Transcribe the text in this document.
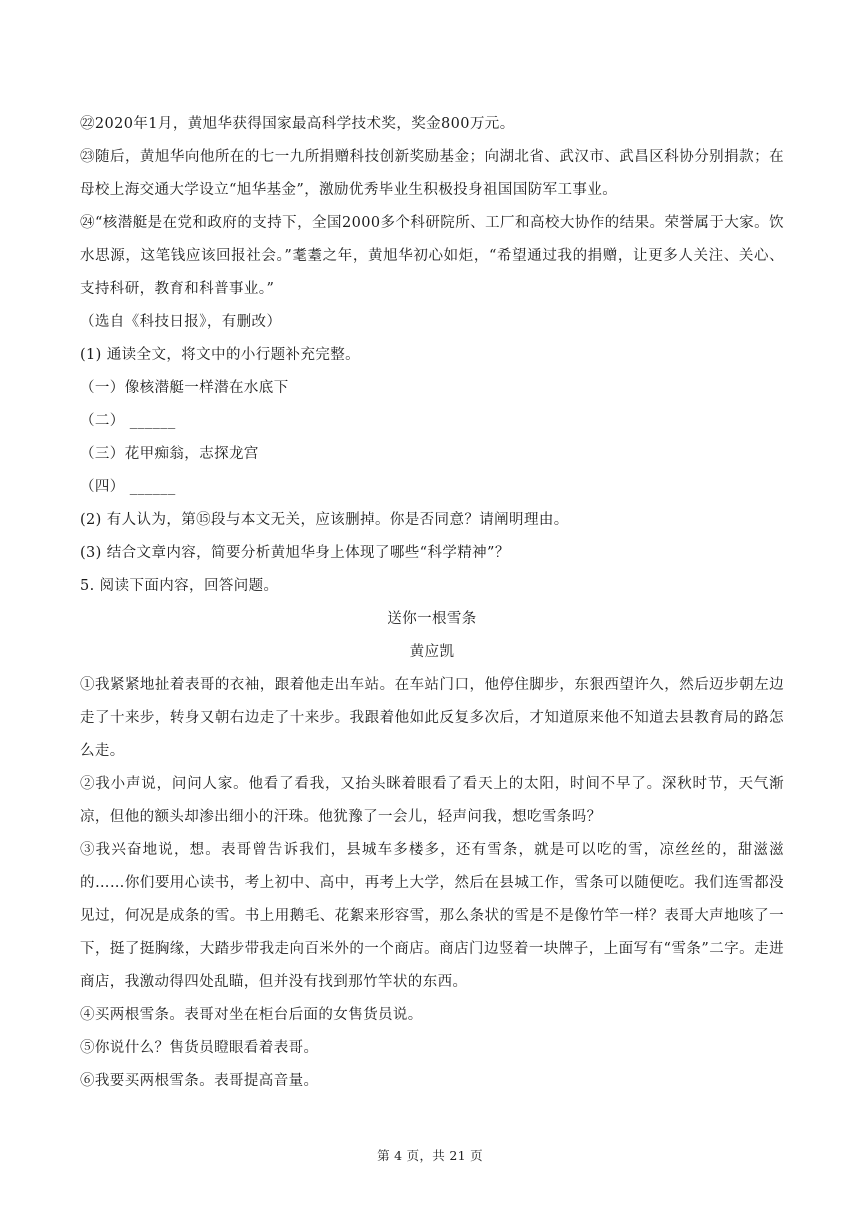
㉒2020年1月，黄旭华获得国家最高科学技术奖，奖金800万元。

㉓随后，黄旭华向他所在的七一九所捐赠科技创新奖励基金；向湖北省、武汉市、武昌区科协分别捐款；在母校上海交通大学设立“旭华基金”，激励优秀毕业生积极投身祖国国防军工事业。

㉔“核潜艇是在党和政府的支持下，全国2000多个科研院所、工厂和高校大协作的结果。荣誉属于大家。饮水思源，这笔钱应该回报社会。”耄耋之年，黄旭华初心如炬，“希望通过我的捐赠，让更多人关注、关心、支持科研，教育和科普事业。”

（选自《科技日报》，有删改）

(1) 通读全文，将文中的小行题补充完整。

（一）像核潜艇一样潜在水底下

（二） ______

（三）花甲痴翁，志探龙宫

（四） ______

(2) 有人认为，第⑮段与本文无关，应该删掉。你是否同意？请阐明理由。

(3) 结合文章内容，简要分析黄旭华身上体现了哪些“科学精神”？

5. 阅读下面内容，回答问题。

送你一根雪条

黄应凯

①我紧紧地扯着表哥的衣袖，跟着他走出车站。在车站门口，他停住脚步，东狠西望许久，然后迈步朝左边走了十来步，转身又朝右边走了十来步。我跟着他如此反复多次后，才知道原来他不知道去县教育局的路怎么走。

②我小声说，问问人家。他看了看我，又抬头眯着眼看了看天上的太阳，时间不早了。深秋时节，天气渐凉，但他的额头却渗出细小的汗珠。他犹豫了一会儿，轻声问我，想吃雪条吗？

③我兴奋地说，想。表哥曾告诉我们，县城车多楼多，还有雪条，就是可以吃的雪，凉丝丝的，甜滋滋的……你们要用心读书，考上初中、高中，再考上大学，然后在县城工作，雪条可以随便吃。我们连雪都没见过，何况是成条的雪。书上用鹅毛、花絮来形容雪，那么条状的雪是不是像竹竿一样？表哥大声地咳了一下，挺了挺胸缘，大踏步带我走向百米外的一个商店。商店门边竖着一块牌子，上面写有“雪条”二字。走进商店，我激动得四处乱瞄，但并没有找到那竹竿状的东西。

④买两根雪条。表哥对坐在柜台后面的女售货员说。

⑤你说什么？售货员瞪眼看着表哥。

⑥我要买两根雪条。表哥提高音量。

第 4 页，共 21 页
